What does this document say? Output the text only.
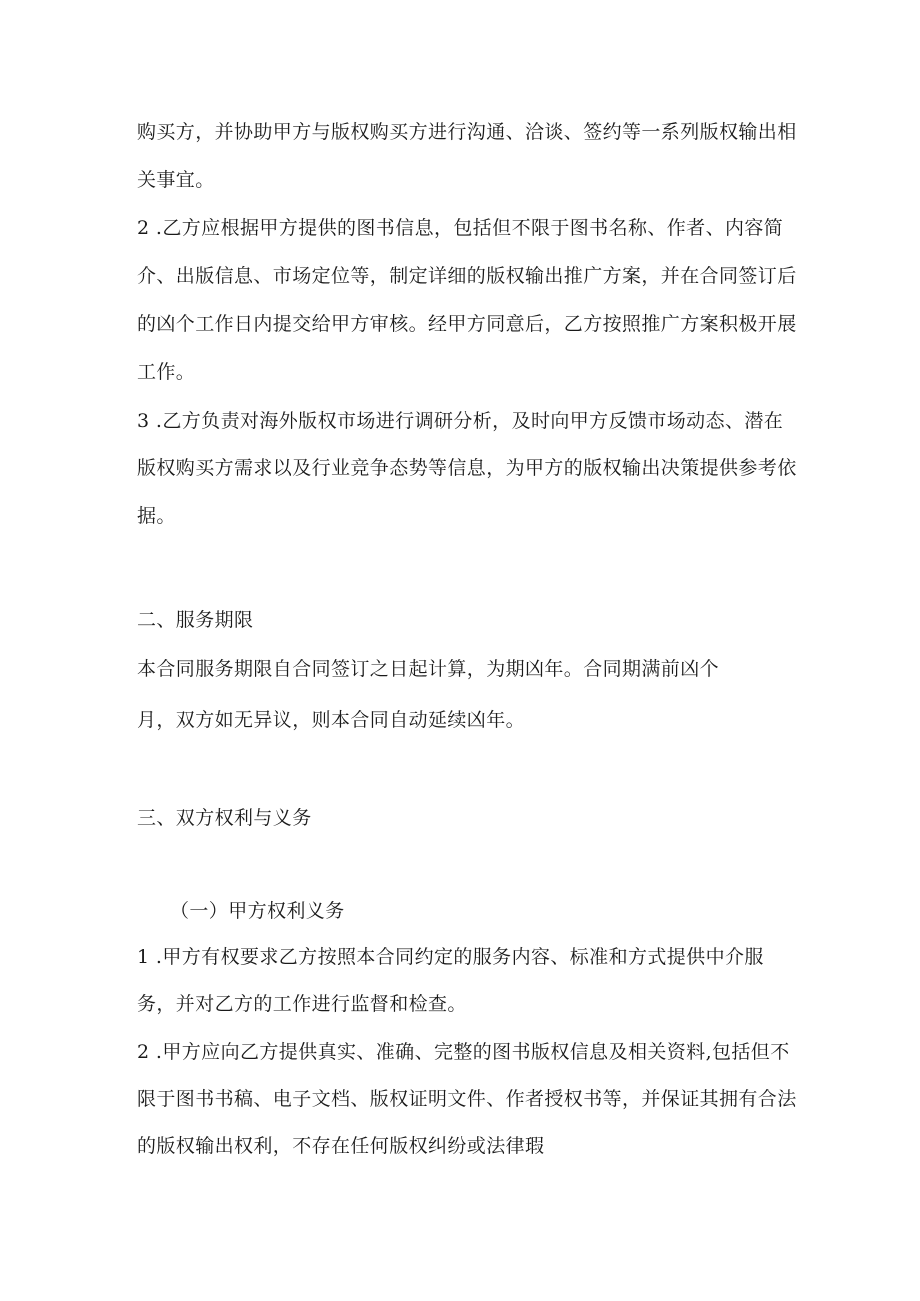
购买方，并协助甲方与版权购买方进行沟通、洽谈、签约等一系列版权输出相
关事宜。
2 .乙方应根据甲方提供的图书信息，包括但不限于图书名称、作者、内容简
介、出版信息、市场定位等，制定详细的版权输出推广方案，并在合同签订后
的凶个工作日内提交给甲方审核。经甲方同意后，乙方按照推广方案积极开展
工作。
3 .乙方负责对海外版权市场进行调研分析，及时向甲方反馈市场动态、潜在
版权购买方需求以及行业竞争态势等信息，为甲方的版权输出决策提供参考依
据。
二、服务期限
本合同服务期限自合同签订之日起计算，为期凶年。合同期满前凶个
月，双方如无异议，则本合同自动延续凶年。
三、双方权利与义务
（一）甲方权利义务
1 .甲方有权要求乙方按照本合同约定的服务内容、标准和方式提供中介服
务，并对乙方的工作进行监督和检查。
2 .甲方应向乙方提供真实、准确、完整的图书版权信息及相关资料,包括但不
限于图书书稿、电子文档、版权证明文件、作者授权书等，并保证其拥有合法
的版权输出权利，不存在任何版权纠纷或法律瑕
